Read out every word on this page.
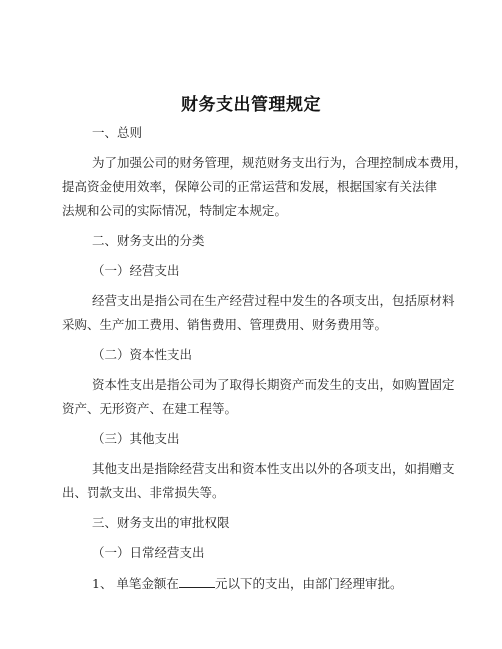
财务支出管理规定
一、总则
为了加强公司的财务管理，规范财务支出行为，合理控制成本费用，
提高资金使用效率，保障公司的正常运营和发展，根据国家有关法律
法规和公司的实际情况，特制定本规定。
二、财务支出的分类
（一）经营支出
经营支出是指公司在生产经营过程中发生的各项支出，包括原材料
采购、生产加工费用、销售费用、管理费用、财务费用等。
（二）资本性支出
资本性支出是指公司为了取得长期资产而发生的支出，如购置固定
资产、无形资产、在建工程等。
（三）其他支出
其他支出是指除经营支出和资本性支出以外的各项支出，如捐赠支
出、罚款支出、非常损失等。
三、财务支出的审批权限
（一）日常经营支出
1、 单笔金额在	元以下的支出，由部门经理审批。
